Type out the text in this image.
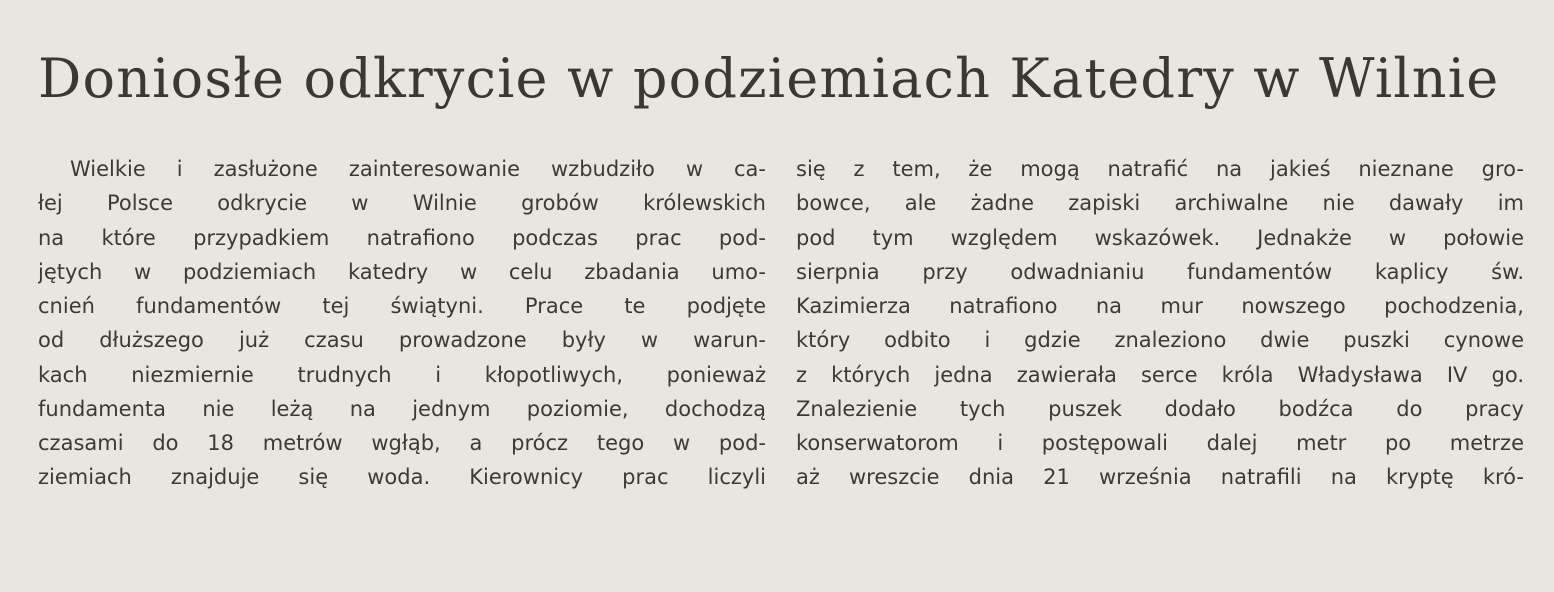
Doniosłe odkrycie w podziemiach Katedry w Wilnie
Wielkie i zasłużone zainteresowanie wzbudziło w ca-
łej Polsce odkrycie w Wilnie grobów królewskich
na które przypadkiem natrafiono podczas prac pod-
jętych w podziemiach katedry w celu zbadania umo-
cnień fundamentów tej świątyni. Prace te podjęte
od dłuższego już czasu prowadzone były w warun-
kach niezmiernie trudnych i kłopotliwych, ponieważ
fundamenta nie leżą na jednym poziomie, dochodzą
czasami do 18 metrów wgłąb, a prócz tego w pod-
ziemiach znajduje się woda. Kierownicy prac liczyli
się z tem, że mogą natrafić na jakieś nieznane gro-
bowce, ale żadne zapiski archiwalne nie dawały im
pod tym względem wskazówek. Jednakże w połowie
sierpnia przy odwadnianiu fundamentów kaplicy św.
Kazimierza natrafiono na mur nowszego pochodzenia,
który odbito i gdzie znaleziono dwie puszki cynowe
z których jedna zawierała serce króla Władysława IV go.
Znalezienie tych puszek dodało bodźca do pracy
konserwatorom i postępowali dalej metr po metrze
aż wreszcie dnia 21 września natrafili na kryptę kró-
